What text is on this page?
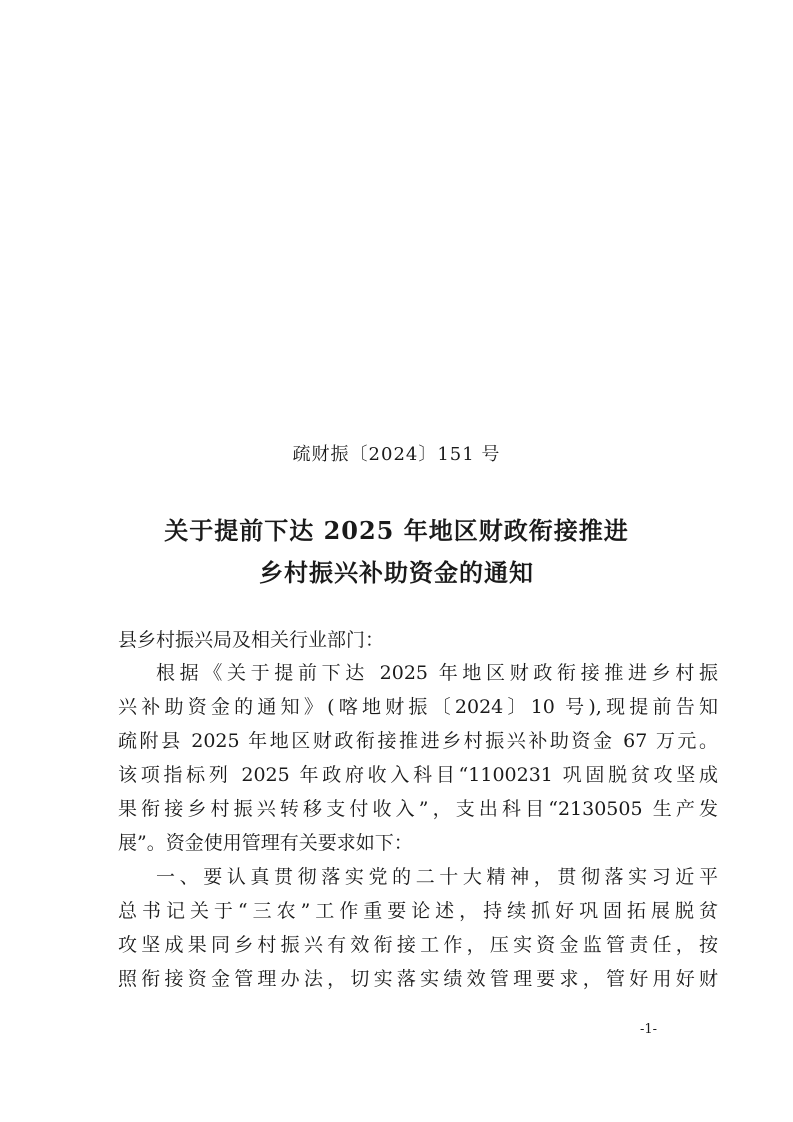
疏财振〔2024〕151 号
关于提前下达 2025 年地区财政衔接推进
乡村振兴补助资金的通知
县乡村振兴局及相关行业部门：
根据《关于提前下达 2025 年地区财政衔接推进乡村振
兴补助资金的通知》(喀地财振〔2024〕10 号),现提前告知
疏附县 2025 年地区财政衔接推进乡村振兴补助资金 67 万元。
该项指标列 2025 年政府收入科目“1100231 巩固脱贫攻坚成
果衔接乡村振兴转移支付收入”，支出科目“2130505 生产发
展”。资金使用管理有关要求如下：
一、要认真贯彻落实党的二十大精神，贯彻落实习近平
总书记关于“三农”工作重要论述，持续抓好巩固拓展脱贫
攻坚成果同乡村振兴有效衔接工作，压实资金监管责任，按
照衔接资金管理办法，切实落实绩效管理要求，管好用好财
-1-
